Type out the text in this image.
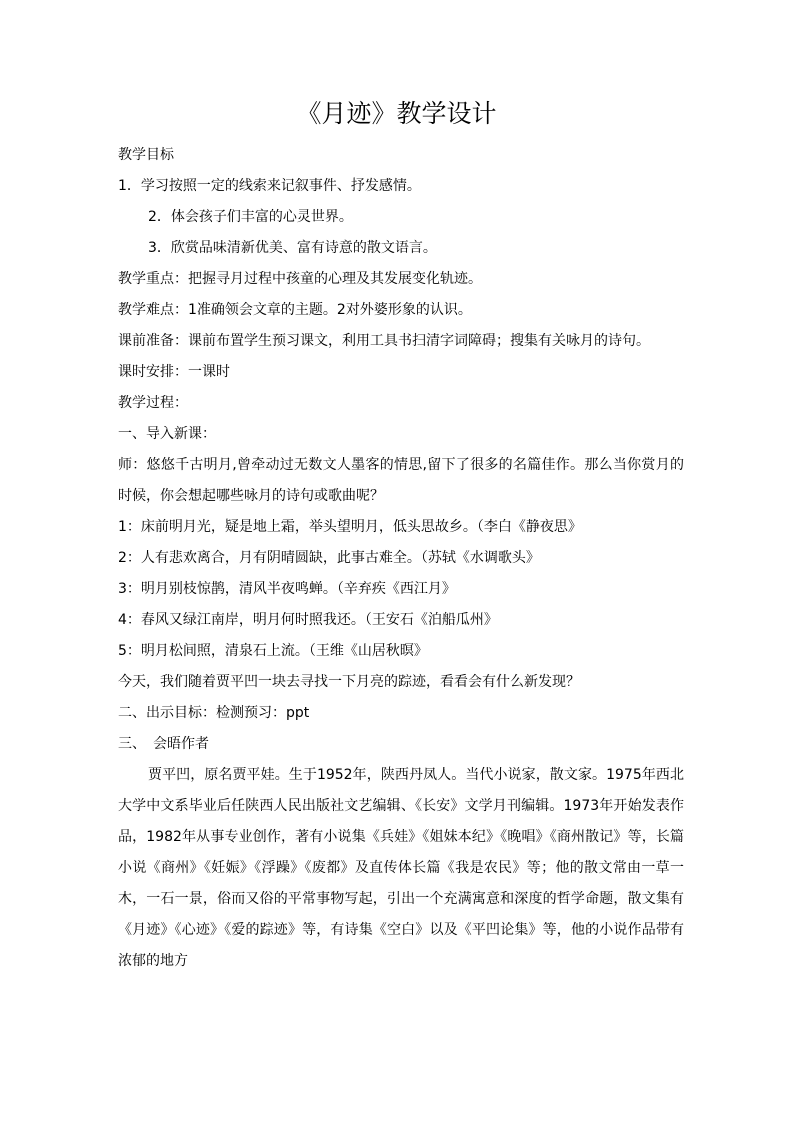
《月迹》教学设计

教学目标

1．学习按照一定的线索来记叙事件、抒发感情。

2．体会孩子们丰富的心灵世界。

3．欣赏品味清新优美、富有诗意的散文语言。

教学重点：把握寻月过程中孩童的心理及其发展变化轨迹。

教学难点：1准确领会文章的主题。2对外婆形象的认识。

课前准备：课前布置学生预习课文，利用工具书扫清字词障碍；搜集有关咏月的诗句。

课时安排：一课时

教学过程：

一、导入新课：

师：悠悠千古明月,曾牵动过无数文人墨客的情思,留下了很多的名篇佳作。那么当你赏月的时候，你会想起哪些咏月的诗句或歌曲呢？

1：床前明月光，疑是地上霜，举头望明月，低头思故乡。（李白《静夜思》

2：人有悲欢离合，月有阴晴圆缺，此事古难全。（苏轼《水调歌头》

3：明月别枝惊鹊，清风半夜鸣蝉。（辛弃疾《西江月》

4：春风又绿江南岸，明月何时照我还。（王安石《泊船瓜州》

5：明月松间照，清泉石上流。（王维《山居秋暝》

今天，我们随着贾平凹一块去寻找一下月亮的踪迹，看看会有什么新发现？

二、出示目标：检测预习：ppt

三、　会晤作者

贾平凹，原名贾平娃。生于1952年，陕西丹凤人。当代小说家，散文家。1975年西北大学中文系毕业后任陕西人民出版社文艺编辑、《长安》文学月刊编辑。1973年开始发表作品，1982年从事专业创作，著有小说集《兵娃》《姐妹本纪》《晚唱》《商州散记》等，长篇小说《商州》《妊娠》《浮躁》《废都》及直传体长篇《我是农民》等；他的散文常由一草一木，一石一景，俗而又俗的平常事物写起，引出一个充满寓意和深度的哲学命题，散文集有《月迹》《心迹》《爱的踪迹》等，有诗集《空白》以及《平凹论集》等，他的小说作品带有浓郁的地方
